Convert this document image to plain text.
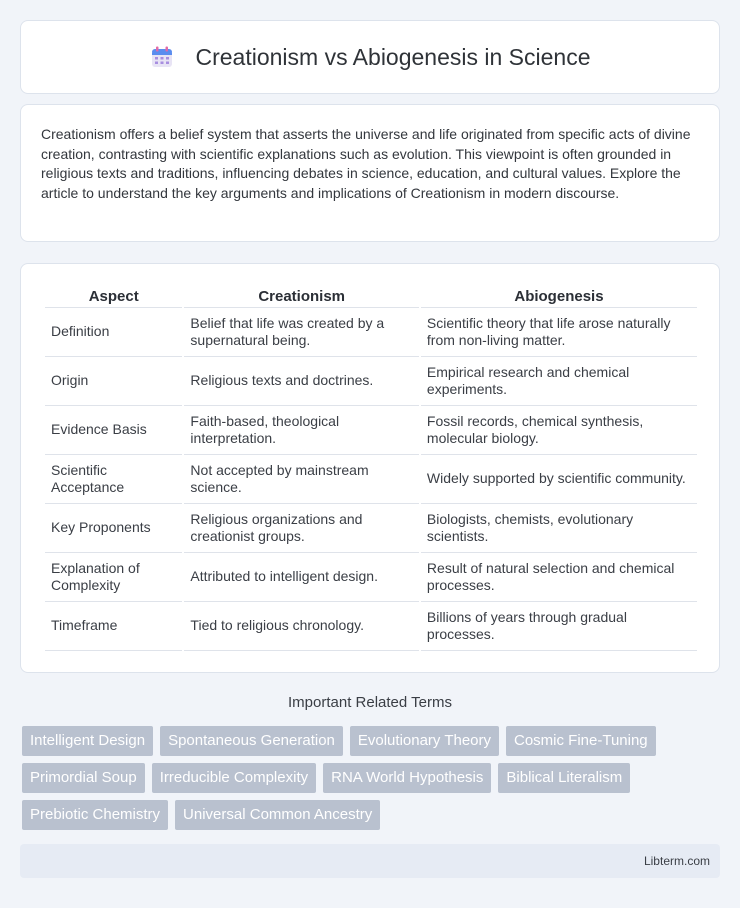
Creationism vs Abiogenesis in Science

Creationism offers a belief system that asserts the universe and life originated from specific acts of divine creation, contrasting with scientific explanations such as evolution. This viewpoint is often grounded in religious texts and traditions, influencing debates in science, education, and cultural values. Explore the article to understand the key arguments and implications of Creationism in modern discourse.

Aspect	Creationism	Abiogenesis
Definition	Belief that life was created by a supernatural being.	Scientific theory that life arose naturally from non-living matter.
Origin	Religious texts and doctrines.	Empirical research and chemical experiments.
Evidence Basis	Faith-based, theological interpretation.	Fossil records, chemical synthesis, molecular biology.
Scientific Acceptance	Not accepted by mainstream science.	Widely supported by scientific community.
Key Proponents	Religious organizations and creationist groups.	Biologists, chemists, evolutionary scientists.
Explanation of Complexity	Attributed to intelligent design.	Result of natural selection and chemical processes.
Timeframe	Tied to religious chronology.	Billions of years through gradual processes.
Important Related Terms
Intelligent Design	Spontaneous Generation	Evolutionary Theory	Cosmic Fine-Tuning
Primordial Soup	Irreducible Complexity	RNA World Hypothesis	Biblical Literalism
Prebiotic Chemistry	Universal Common Ancestry
Libterm.com
